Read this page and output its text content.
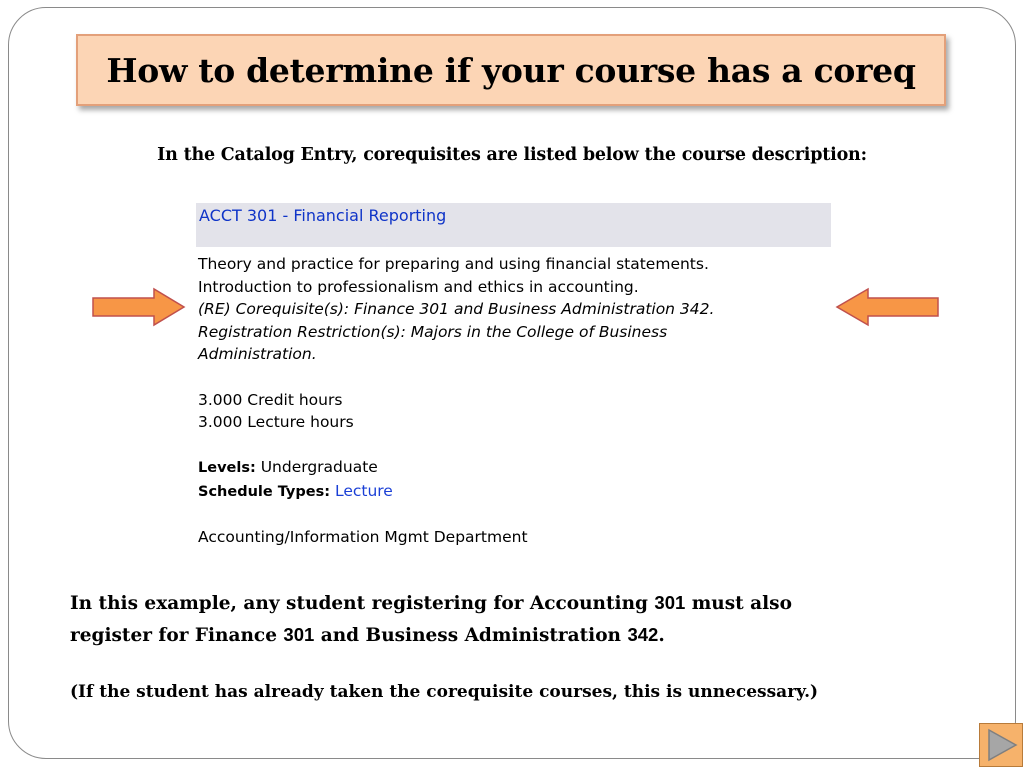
How to determine if your course has a coreq
In the Catalog Entry, corequisites are listed below the course description:
ACCT 301 - Financial Reporting

Theory and practice for preparing and using financial statements.

Introduction to professionalism and ethics in accounting.

(RE) Corequisite(s): Finance 301 and Business Administration 342.

Registration Restriction(s): Majors in the College of Business

Administration.

3.000 Credit hours

3.000 Lecture hours

Levels: Undergraduate

Schedule Types: Lecture

Accounting/Information Mgmt Department

In this example, any student registering for Accounting 301 must also
register for Finance 301 and Business Administration 342.
(If the student has already taken the corequisite courses, this is unnecessary.)
